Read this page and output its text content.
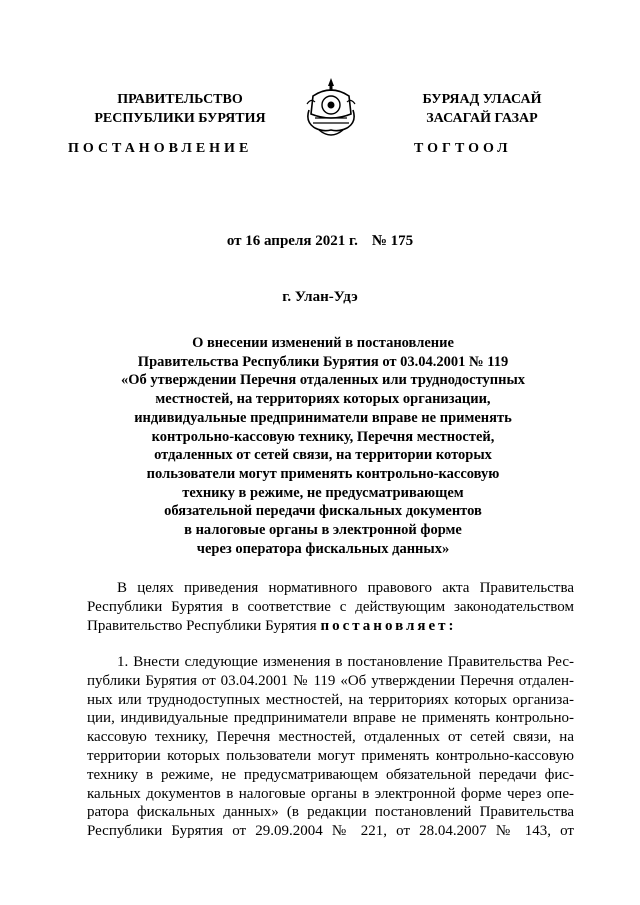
ПРАВИТЕЛЬСТВО
РЕСПУБЛИКИ БУРЯТИЯ
БУРЯАД УЛАСАЙ
ЗАСАГАЙ ГАЗАР
ПОСТАНОВЛЕНИЕ	ТОГТООЛ
от 16 апреля 2021 г. № 175
г. Улан-Удэ
О внесении изменений в постановление
Правительства Республики Бурятия от 03.04.2001 № 119
«Об утверждении Перечня отдаленных или труднодоступных
местностей, на территориях которых организации,
индивидуальные предприниматели вправе не применять
контрольно-кассовую технику, Перечня местностей,
отдаленных от сетей связи, на территории которых
пользователи могут применять контрольно-кассовую
технику в режиме, не предусматривающем
обязательной передачи фискальных документов
в налоговые органы в электронной форме
через оператора фискальных данных»
В целях приведения нормативного правового акта Правительства
Республики Бурятия в соответствие с действующим законодательством
Правительство Республики Бурятия постановляет:
1. Внести следующие изменения в постановление Правительства Рес-
публики Бурятия от 03.04.2001 № 119 «Об утверждении Перечня отдален-
ных или труднодоступных местностей, на территориях которых организа-
ции, индивидуальные предприниматели вправе не применять контрольно-
кассовую технику, Перечня местностей, отдаленных от сетей связи, на
территории которых пользователи могут применять контрольно-кассовую
технику в режиме, не предусматривающем обязательной передачи фис-
кальных документов в налоговые органы в электронной форме через опе-
ратора фискальных данных» (в редакции постановлений Правительства
Республики Бурятия от 29.09.2004 № 221, от 28.04.2007 № 143, от
